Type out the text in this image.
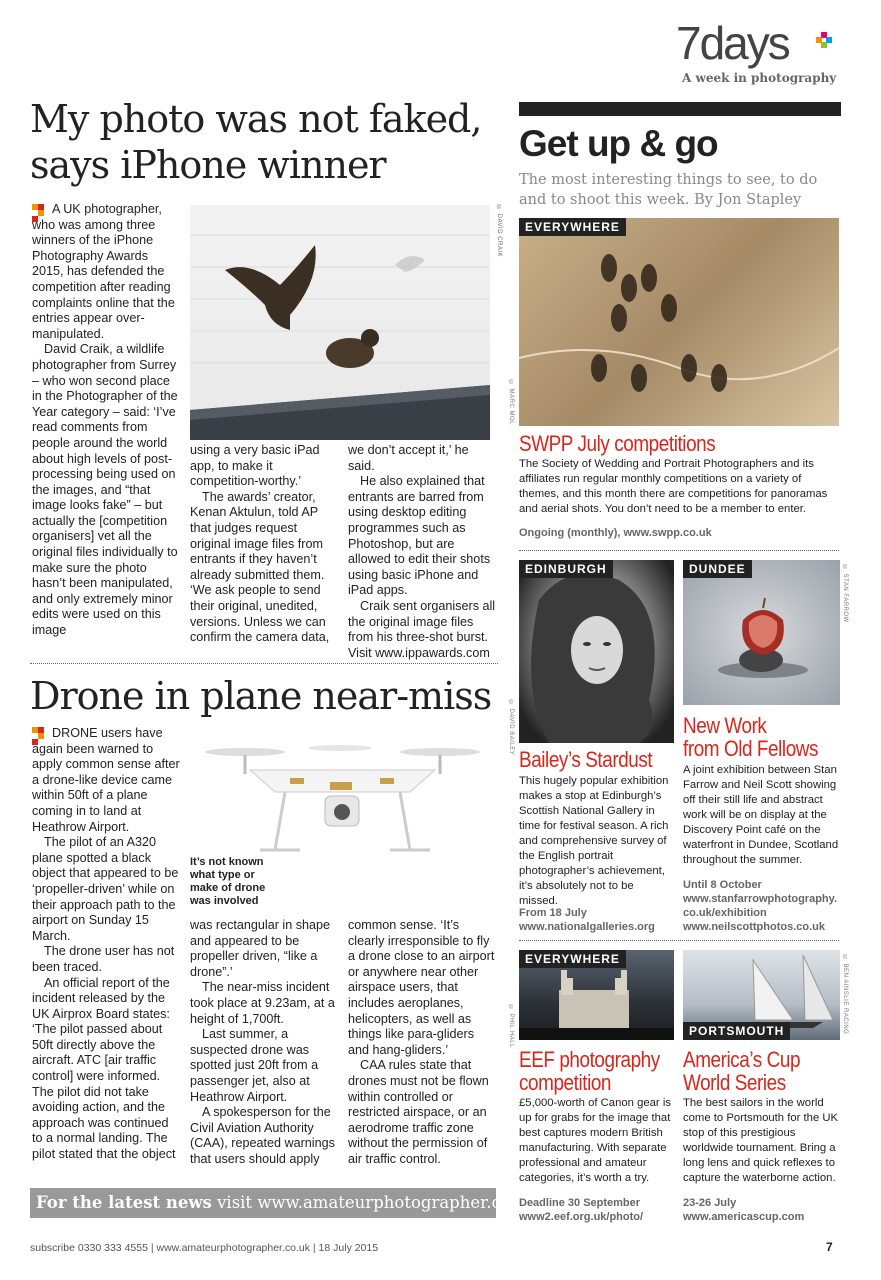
7days
A week in photography
My photo was not faked,
says iPhone winner

A UK photographer, who was among three winners of the iPhone Photography Awards 2015, has defended the competition after reading complaints online that the entries appear over-manipulated.

David Craik, a wildlife photographer from Surrey – who won second place in the Photographer of the Year category – said: ‘I’ve read comments from people around the world about high levels of post-processing being used on the images, and “that image looks fake” – but actually the [competition organisers] vet all the original files individually to make sure the photo hasn’t been manipulated, and only extremely minor edits were used on this image

© DAVID CRAIK

using a very basic iPad app, to make it competition-worthy.’

The awards’ creator, Kenan Aktulun, told AP that judges request original image files from entrants if they haven’t already submitted them. ‘We ask people to send their original, unedited, versions. Unless we can confirm the camera data,

we don’t accept it,’ he said.

He also explained that entrants are barred from using desktop editing programmes such as Photoshop, but are allowed to edit their shots using basic iPhone and iPad apps.

Craik sent organisers all the original image files from his three-shot burst. Visit www.ippawards.com

Drone in plane near-miss

DRONE users have again been warned to apply common sense after a drone-like device came within 50ft of a plane coming in to land at Heathrow Airport.

The pilot of an A320 plane spotted a black object that appeared to be ‘propeller-driven’ while on their approach path to the airport on Sunday 15 March.

The drone user has not been traced.

An official report of the incident released by the UK Airprox Board states: ‘The pilot passed about 50ft directly above the aircraft. ATC [air traffic control] were informed. The pilot did not take avoiding action, and the approach was continued to a normal landing. The pilot stated that the object

It’s not known what type or make of drone was involved

was rectangular in shape and appeared to be propeller driven, “like a drone”.’

The near-miss incident took place at 9.23am, at a height of 1,700ft.

Last summer, a suspected drone was spotted just 20ft from a passenger jet, also at Heathrow Airport.

A spokesperson for the Civil Aviation Authority (CAA), repeated warnings that users should apply

common sense. ‘It’s clearly irresponsible to fly a drone close to an airport or anywhere near other airspace users, that includes aeroplanes, helicopters, as well as things like para-gliders and hang-gliders.’

CAA rules state that drones must not be flown within controlled or restricted airspace, or an aerodrome traffic zone without the permission of air traffic control.

For the latest news visit www.amateurphotographer.co.uk
Get up & go
The most interesting things to see, to do and to shoot this week. By Jon Stapley
EVERYWHERE
© MARC MOL
SWPP July competitions
The Society of Wedding and Portrait Photographers and its affiliates run regular monthly competitions on a variety of themes, and this month there are competitions for panoramas and aerial shots. You don’t need to be a member to enter.
Ongoing (monthly), www.swpp.co.uk
EDINBURGH
© DAVID BAILEY
Bailey’s Stardust
This hugely popular exhibition makes a stop at Edinburgh’s Scottish National Gallery in time for festival season. A rich and comprehensive survey of the English portrait photographer’s achievement, it’s absolutely not to be missed.
From 18 July
www.nationalgalleries.org
DUNDEE	© STAN FARROW
New Work
from Old Fellows
A joint exhibition between Stan Farrow and Neil Scott showing off their still life and abstract work will be on display at the Discovery Point café on the waterfront in Dundee, Scotland throughout the summer.
Until 8 October
www.stanfarrowphotography.
co.uk/exhibition
www.neilscottphotos.co.uk
EVERYWHERE
© PHIL HALL
EEF photography
competition
£5,000-worth of Canon gear is up for grabs for the image that best captures modern British manufacturing. With separate professional and amateur categories, it’s worth a try.
Deadline 30 September
www2.eef.org.uk/photo/
PORTSMOUTH	© BEN AINSLIE RACING
America’s Cup
World Series
The best sailors in the world come to Portsmouth for the UK stop of this prestigious worldwide tournament. Bring a long lens and quick reflexes to capture the waterborne action.
23-26 July
www.americascup.com
subscribe 0330 333 4555 | www.amateurphotographer.co.uk | 18 July 2015	7
